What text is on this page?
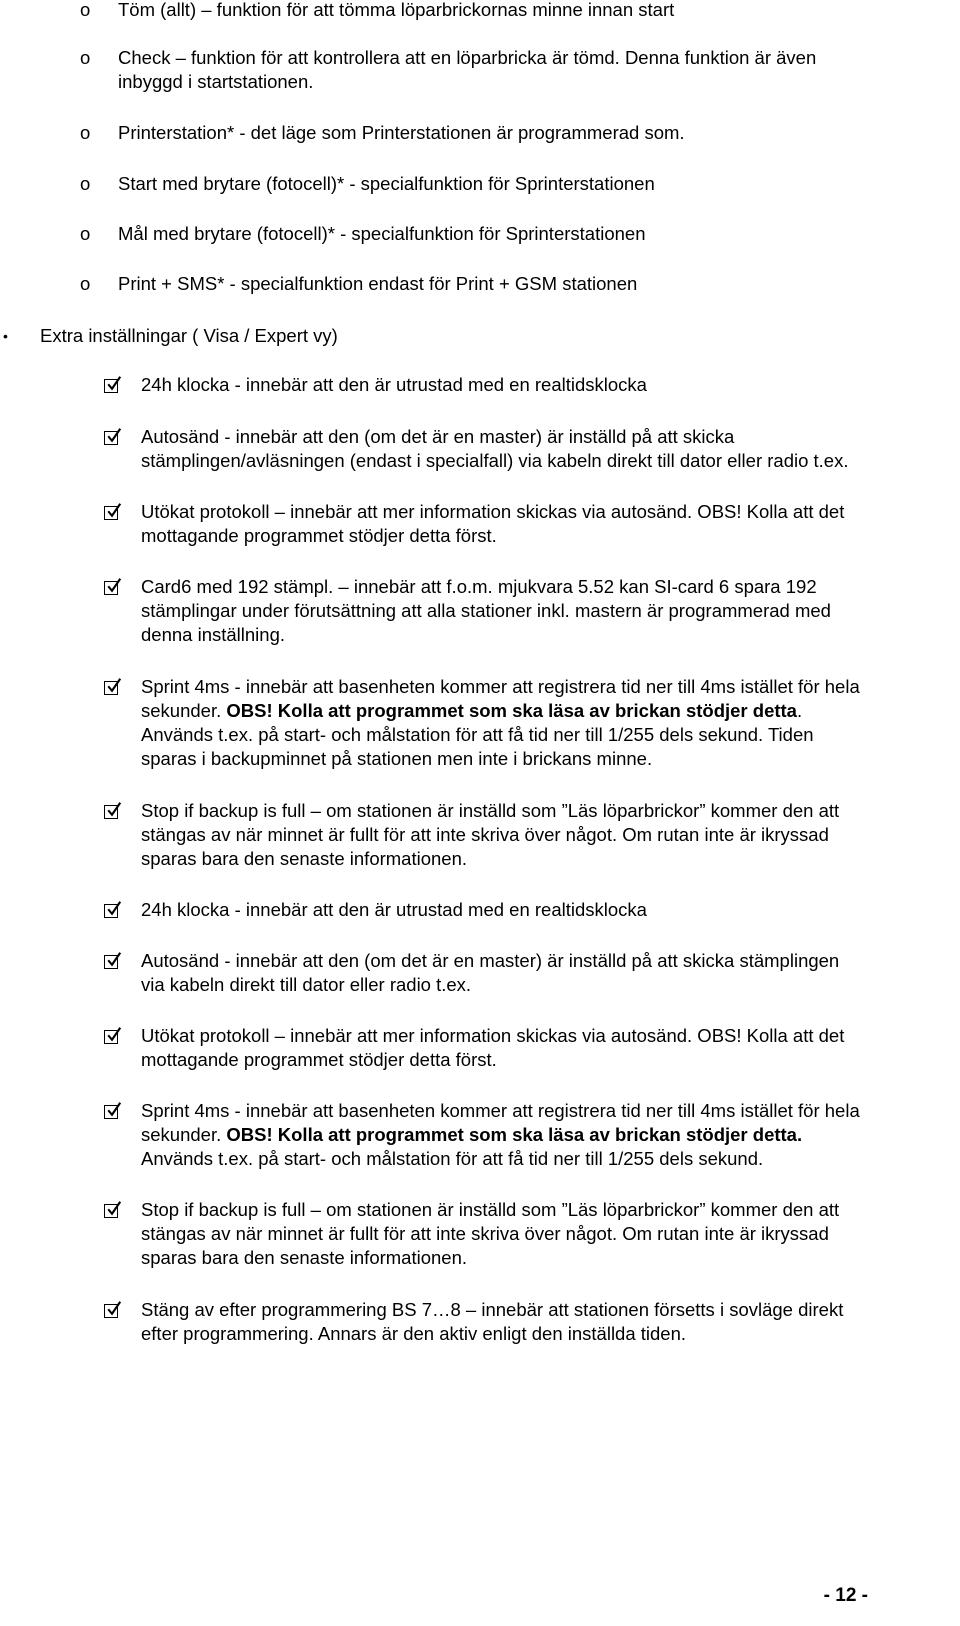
o Töm (allt) – funktion för att tömma löparbrickornas minne innan start
o Check – funktion för att kontrollera att en löparbricka är tömd. Denna funktion är även
inbyggd i startstationen.
o Printerstation* - det läge som Printerstationen är programmerad som.
o Start med brytare (fotocell)* - specialfunktion för Sprinterstationen
o Mål med brytare (fotocell)* - specialfunktion för Sprinterstationen
o Print + SMS* - specialfunktion endast för Print + GSM stationen
• Extra inställningar ( Visa / Expert vy)
24h klocka - innebär att den är utrustad med en realtidsklocka
Autosänd - innebär att den (om det är en master) är inställd på att skicka
stämplingen/avläsningen (endast i specialfall) via kabeln direkt till dator eller radio t.ex.
Utökat protokoll – innebär att mer information skickas via autosänd. OBS! Kolla att det
mottagande programmet stödjer detta först.
Card6 med 192 stämpl. – innebär att f.o.m. mjukvara 5.52 kan SI-card 6 spara 192
stämplingar under förutsättning att alla stationer inkl. mastern är programmerad med
denna inställning.
Sprint 4ms - innebär att basenheten kommer att registrera tid ner till 4ms istället för hela
sekunder. OBS! Kolla att programmet som ska läsa av brickan stödjer detta.
Används t.ex. på start- och målstation för att få tid ner till 1/255 dels sekund. Tiden
sparas i backupminnet på stationen men inte i brickans minne.
Stop if backup is full – om stationen är inställd som ”Läs löparbrickor” kommer den att
stängas av när minnet är fullt för att inte skriva över något. Om rutan inte är ikryssad
sparas bara den senaste informationen.
24h klocka - innebär att den är utrustad med en realtidsklocka
Autosänd - innebär att den (om det är en master) är inställd på att skicka stämplingen
via kabeln direkt till dator eller radio t.ex.
Utökat protokoll – innebär att mer information skickas via autosänd. OBS! Kolla att det
mottagande programmet stödjer detta först.
Sprint 4ms - innebär att basenheten kommer att registrera tid ner till 4ms istället för hela
sekunder. OBS! Kolla att programmet som ska läsa av brickan stödjer detta.
Används t.ex. på start- och målstation för att få tid ner till 1/255 dels sekund.
Stop if backup is full – om stationen är inställd som ”Läs löparbrickor” kommer den att
stängas av när minnet är fullt för att inte skriva över något. Om rutan inte är ikryssad
sparas bara den senaste informationen.
Stäng av efter programmering BS 7…8 – innebär att stationen försetts i sovläge direkt
efter programmering. Annars är den aktiv enligt den inställda tiden.
- 12 -
